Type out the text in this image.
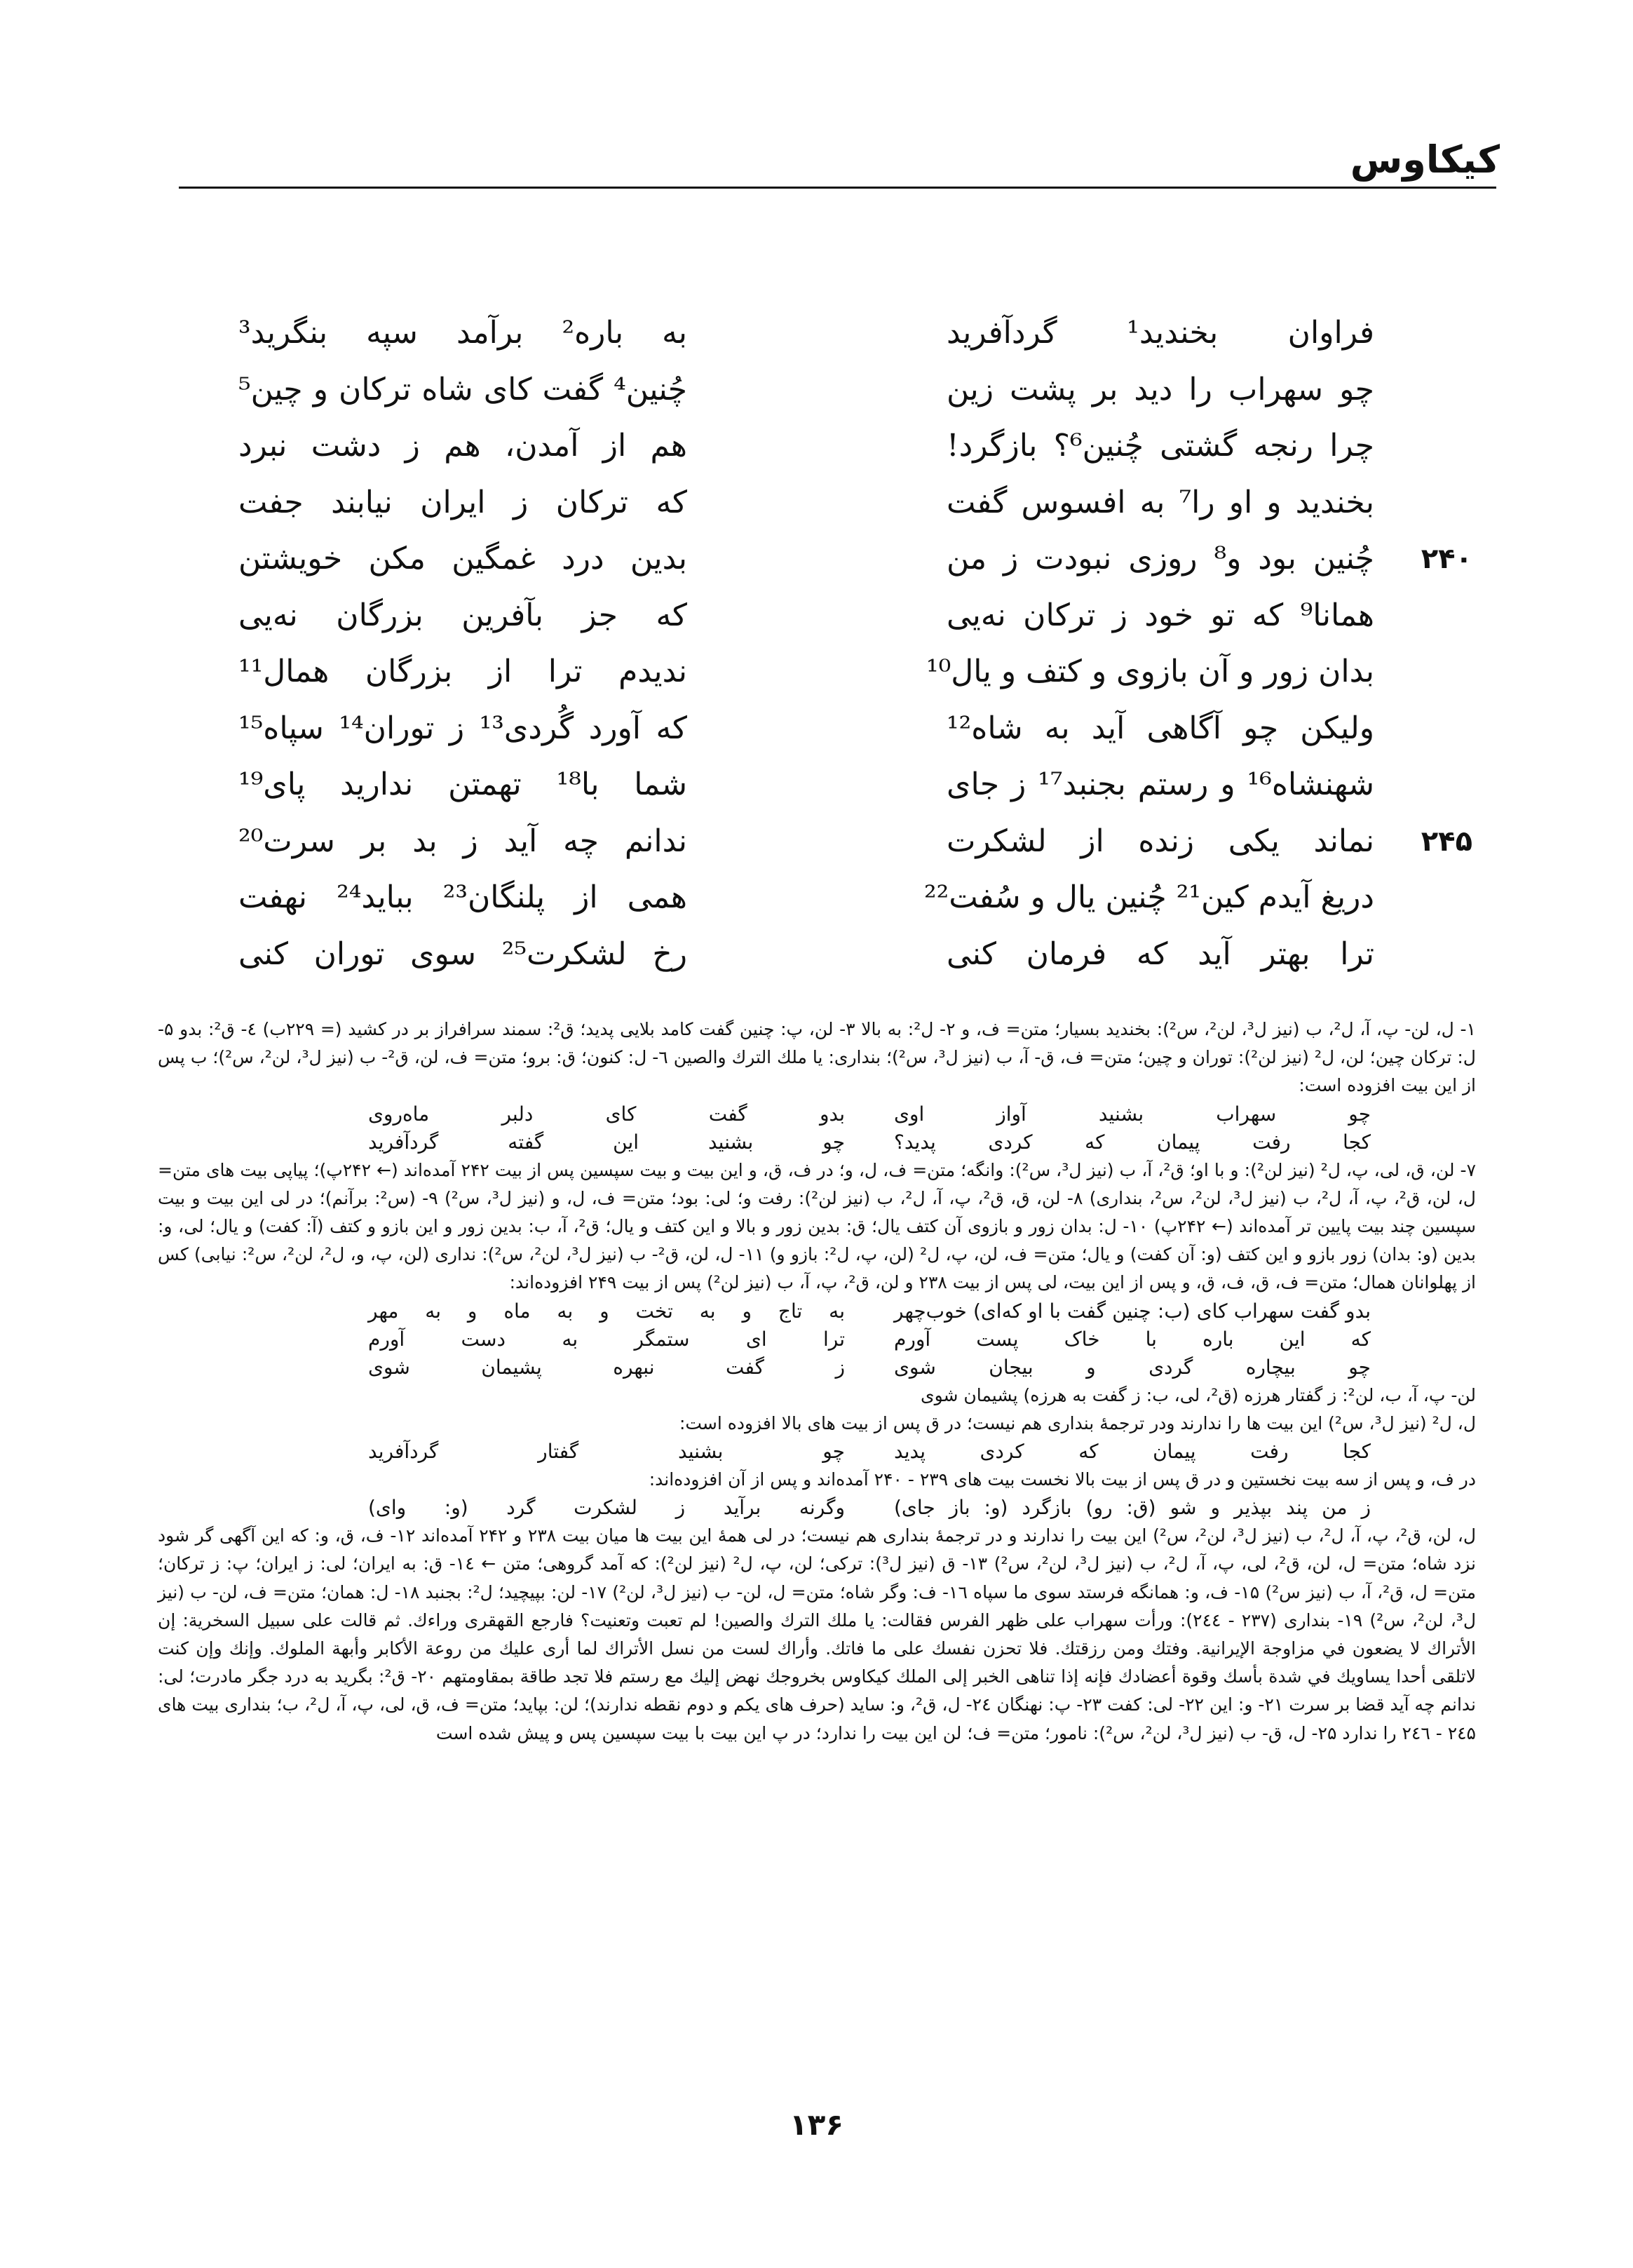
کیکاوس
فراوان بخندید¹ گردآفرید
به باره² برآمد سپه بنگرید³
چو سهراب را دید بر پشت زین
چُنین⁴ گفت کای شاه ترکان و چین⁵
چرا رنجه گشتی چُنین⁶؟ بازگرد!
هم از آمدن، هم ز دشت نبرد
بخندید و او را⁷ به افسوس گفت
که ترکان ز ایران نیابند جفت
۲۴۰
چُنین بود و⁸ روزی نبودت ز من
بدین درد غمگین مکن خویشتن
همانا⁹ که تو خود ز ترکان نه‌یی
که جز بآفرین بزرگان نه‌یی
بدان زور و آن بازوی و کتف و یال¹⁰
ندیدم ترا از بزرگان همال¹¹
ولیکن چو آگاهی آید به شاه¹²
که آورد گُردی¹³ ز توران¹⁴ سپاه¹⁵
شهنشاه¹⁶ و رستم بجنبد¹⁷ ز جای
شما با¹⁸ تهمتن ندارید پای¹⁹
۲۴۵
نماند یکی زنده از لشکرت
ندانم چه آید ز بد بر سرت²⁰
دریغ آیدم کین²¹ چُنین یال و سُفت²²
همی از پلنگان²³ بباید²⁴ نهفت
ترا بهتر آید که فرمان کنی
رخ لشکرت²⁵ سوی توران کنی

۱- ل، لن- پ، آ، ل²، ب (نیز ل³، لن²، س²): بخندید بسیار؛ متن= ف، و ۲- ل²: به بالا ۳- لن، پ: چنین گفت کامد بلایی پدید؛ ق²: سمند سرافراز بر در کشید (= ۲۲۹ب) ٤- ق²: بدو ۵- ل: ترکان چین؛ لن، ل² (نیز لن²): توران و چین؛ متن= ف، ق- آ، ب (نیز ل³، س²)؛ بنداری: یا ملك الترك والصين ٦- ل: کنون؛ ق: برو؛ متن= ف، لن، ق²- ب (نیز ل³، لن²، س²)؛ ب پس از این بیت افزوده است:

چو سهراب بشنید آواز اوی
بدو گفت کای دلبر ماه‌روی
کجا رفت پیمان که کردی پدید؟
چو بشنید این گفته گردآفرید

۷- لن، ق، لی، پ، ل² (نیز لن²): و با او؛ ق²، آ، ب (نیز ل³، س²): وانگه؛ متن= ف، ل، و؛ در ف، ق، و این بیت و بیت سپسین پس از بیت ۲۴۲ آمده‌اند (← ۲۴۲پ)؛ پیاپی بیت های متن= ل، لن، ق²، پ، آ، ل²، ب (نیز ل³، لن²، س²، بنداری) ۸- لن، ق، ق²، پ، آ، ل²، ب (نیز لن²): رفت و؛ لی: بود؛ متن= ف، ل، و (نیز ل³، س²) ۹- (س²: برآنم)؛ در لی این بیت و بیت سپسین چند بیت پایین تر آمده‌اند (← ۲۴۲پ) ۱۰- ل: بدان زور و بازوی آن کتف یال؛ ق: بدین زور و بالا و این کتف و یال؛ ق²، آ، ب: بدین زور و این بازو و کتف (آ: کفت) و یال؛ لی، و: بدین (و: بدان) زور بازو و این کتف (و: آن کفت) و یال؛ متن= ف، لن، پ، ل² (لن، پ، ل²: بازو و) ۱۱- ل، لن، ق²- ب (نیز ل³، لن²، س²): نداری (لن، پ، و، ل²، لن²، س²: نیابی) کس از پهلوانان همال؛ متن= ف، ق، ف، ق، و پس از این بیت، لی پس از بیت ۲۳۸ و لن، ق²، پ، آ، ب (نیز لن²) پس از بیت ۲۴۹ افزوده‌اند:

بدو گفت سهراب کای (ب: چنین گفت با او که‌ای) خوب‌چهر
به تاج و به تخت و به ماه و به مهر
که این باره با خاک پست آورم
ترا ای ستمگر به دست آورم
چو بیچاره گردی و بیجان شوی
ز گفت نبهره پشیمان شوی

لن- پ، آ، ب، لن²: ز گفتار هرزه (ق²، لی، ب: ز گفت به هرزه) پشیمان شوی

ل، ل² (نیز ل³، س²) این بیت ها را ندارند ودر ترجمهٔ بنداری هم نیست؛ در ق پس از بیت های بالا افزوده است:

کجا رفت پیمان که کردی پدید
چو بشنید گفتار گردآفرید

در ف، و پس از سه بیت نخستین و در ق پس از بیت بالا نخست بیت های ۲۳۹ - ۲۴۰ آمده‌اند و پس از آن افزوده‌اند:

ز من پند بپذیر و شو (ق: رو) بازگرد (و: باز جای)
وگرنه برآید ز لشکرت گرد (و: وای)

ل، لن، ق²، پ، آ، ل²، ب (نیز ل³، لن²، س²) این بیت را ندارند و در ترجمهٔ بنداری هم نیست؛ در لی همهٔ این بیت ها میان بیت ۲۳۸ و ۲۴۲ آمده‌اند ۱۲- ف، ق، و: که این آگهی گر شود نزد شاه؛ متن= ل، لن، ق²، لی، پ، آ، ل²، ب (نیز ل³، لن²، س²) ۱۳- ق (نیز ل³): ترکی؛ لن، پ، ل² (نیز لن²): که آمد گروهی؛ متن ← ۱٤- ق: به ایران؛ لی: ز ایران؛ پ: ز ترکان؛ متن= ل، ق²، آ، ب (نیز س²) ۱۵- ف، و: همانگه فرستد سوی ما سپاه ۱٦- ف: وگر شاه؛ متن= ل، لن- ب (نیز ل³، لن²) ۱۷- لن: بپیچید؛ ل²: بجنبد ۱۸- ل: همان؛ متن= ف، لن- ب (نیز ل³، لن²، س²) ۱۹- بنداری (۲۳۷ - ۲٤٤): ورأت سهراب على ظهر الفرس فقالت: يا ملك الترك والصين! لم تعبت وتعنيت؟ فارجع القهقرى وراءك. ثم قالت على سبيل السخرية: إن الأتراك لا يضعون في مزاوجة الإيرانية. وفتك ومن رزقتك. فلا تحزن نفسك على ما فاتك. وأراك لست من نسل الأتراك لما أرى عليك من روعة الأكابر وأبهة الملوك. وإنك وإن كنت لاتلقى أحدا يساويك في شدة بأسك وقوة أعضادك فإنه إذا تناهى الخبر إلى الملك كيكاوس بخروجك نهض إليك مع رستم فلا تجد طاقة بمقاومتهم ۲۰- ق²: بگرید به درد جگر مادرت؛ لی: ندانم چه آید قضا بر سرت ۲۱- و: این ۲۲- لی: کفت ۲۳- پ: نهنگان ۲٤- ل، ق²، و: ساید (حرف های یکم و دوم نقطه ندارند)؛ لن: بپاید؛ متن= ف، ق، لی، پ، آ، ل²، ب؛ بنداری بیت های ۲٤۵ - ۲٤٦ را ندارد ۲۵- ل، ق- ب (نیز ل³، لن²، س²): نامور؛ متن= ف؛ لن این بیت را ندارد؛ در پ این بیت با بیت سپسین پس و پیش شده است

۱۳۶
